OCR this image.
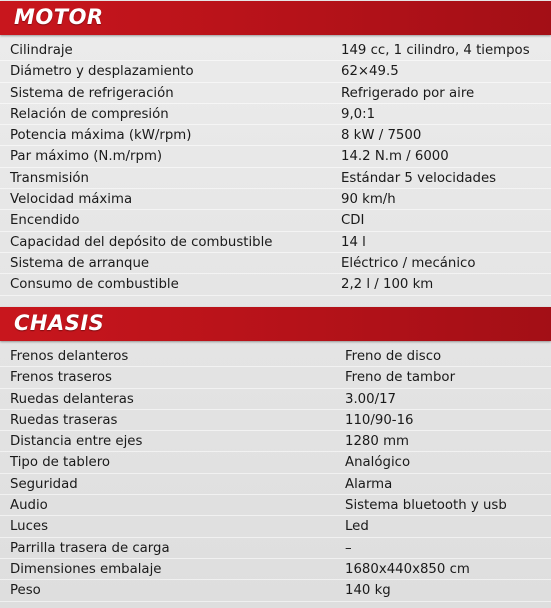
MOTOR
Cilindraje	149 cc, 1 cilindro, 4 tiempos
Diámetro y desplazamiento	62×49.5
Sistema de refrigeración	Refrigerado por aire
Relación de compresión	9,0:1
Potencia máxima (kW/rpm)	8 kW / 7500
Par máximo (N.m/rpm)	14.2 N.m / 6000
Transmisión	Estándar 5 velocidades
Velocidad máxima	90 km/h
Encendido	CDI
Capacidad del depósito de combustible	14 l
Sistema de arranque	Eléctrico / mecánico
Consumo de combustible	2,2 l / 100 km
CHASIS
Frenos delanteros	Freno de disco
Frenos traseros	Freno de tambor
Ruedas delanteras	3.00/17
Ruedas traseras	110/90-16
Distancia entre ejes	1280 mm
Tipo de tablero	Analógico
Seguridad	Alarma
Audio	Sistema bluetooth y usb
Luces	Led
Parrilla trasera de carga	–
Dimensiones embalaje	1680x440x850 cm
Peso	140 kg
